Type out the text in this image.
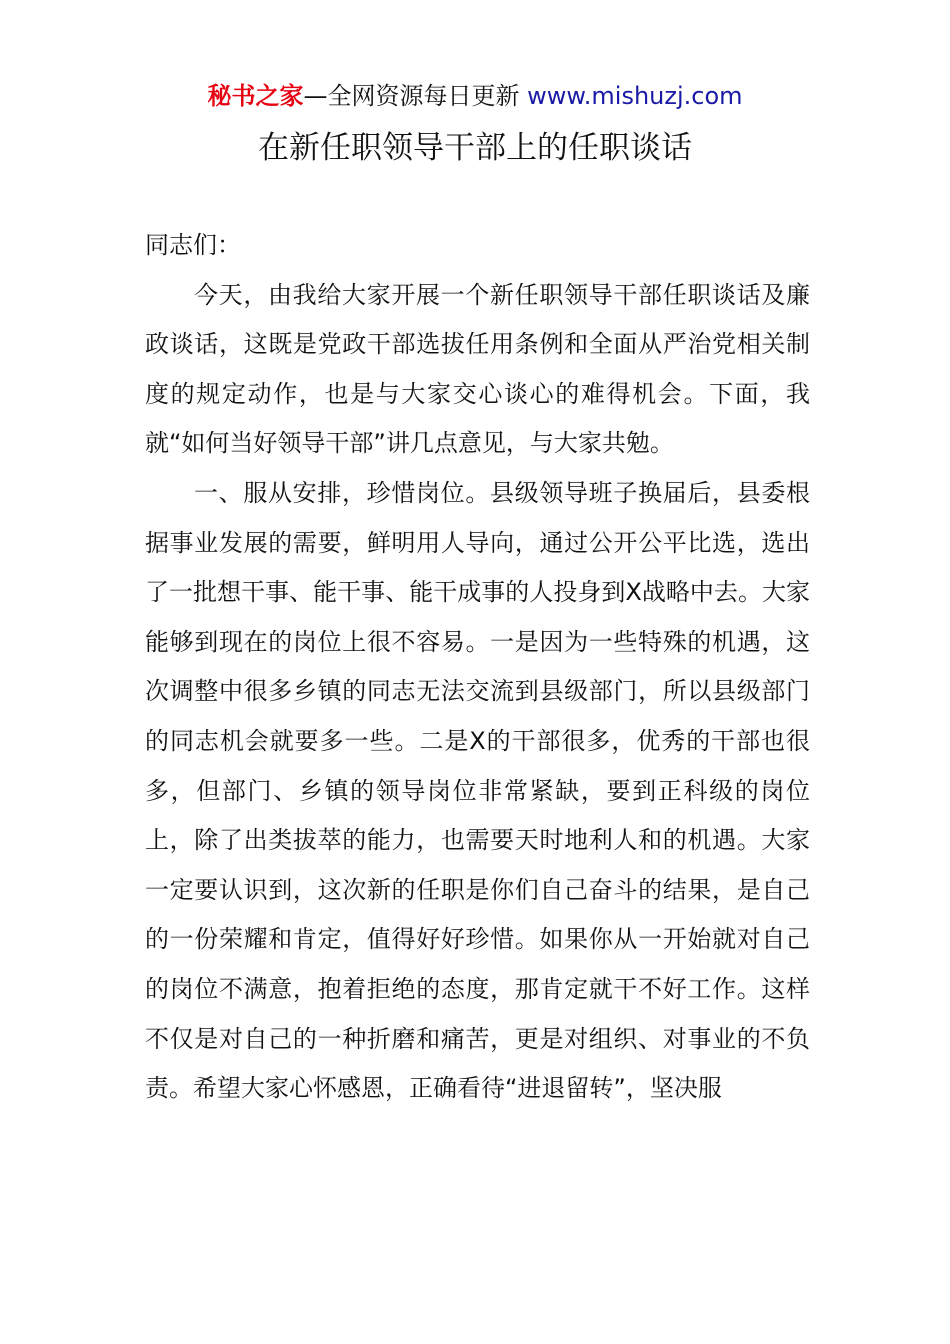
秘书之家—全网资源每日更新 www.mishuzj.com
在新任职领导干部上的任职谈话

同志们：

今天，由我给大家开展一个新任职领导干部任职谈话及廉政谈话，这既是党政干部选拔任用条例和全面从严治党相关制度的规定动作，也是与大家交心谈心的难得机会。下面，我就“如何当好领导干部”讲几点意见，与大家共勉。

一、服从安排，珍惜岗位。县级领导班子换届后，县委根据事业发展的需要，鲜明用人导向，通过公开公平比选，选出了一批想干事、能干事、能干成事的人投身到X战略中去。大家能够到现在的岗位上很不容易。一是因为一些特殊的机遇，这次调整中很多乡镇的同志无法交流到县级部门，所以县级部门的同志机会就要多一些。二是X的干部很多，优秀的干部也很多，但部门、乡镇的领导岗位非常紧缺，要到正科级的岗位上，除了出类拔萃的能力，也需要天时地利人和的机遇。大家一定要认识到，这次新的任职是你们自己奋斗的结果，是自己的一份荣耀和肯定，值得好好珍惜。如果你从一开始就对自己的岗位不满意，抱着拒绝的态度，那肯定就干不好工作。这样不仅是对自己的一种折磨和痛苦，更是对组织、对事业的不负责。希望大家心怀感恩，正确看待“进退留转”，坚决服
